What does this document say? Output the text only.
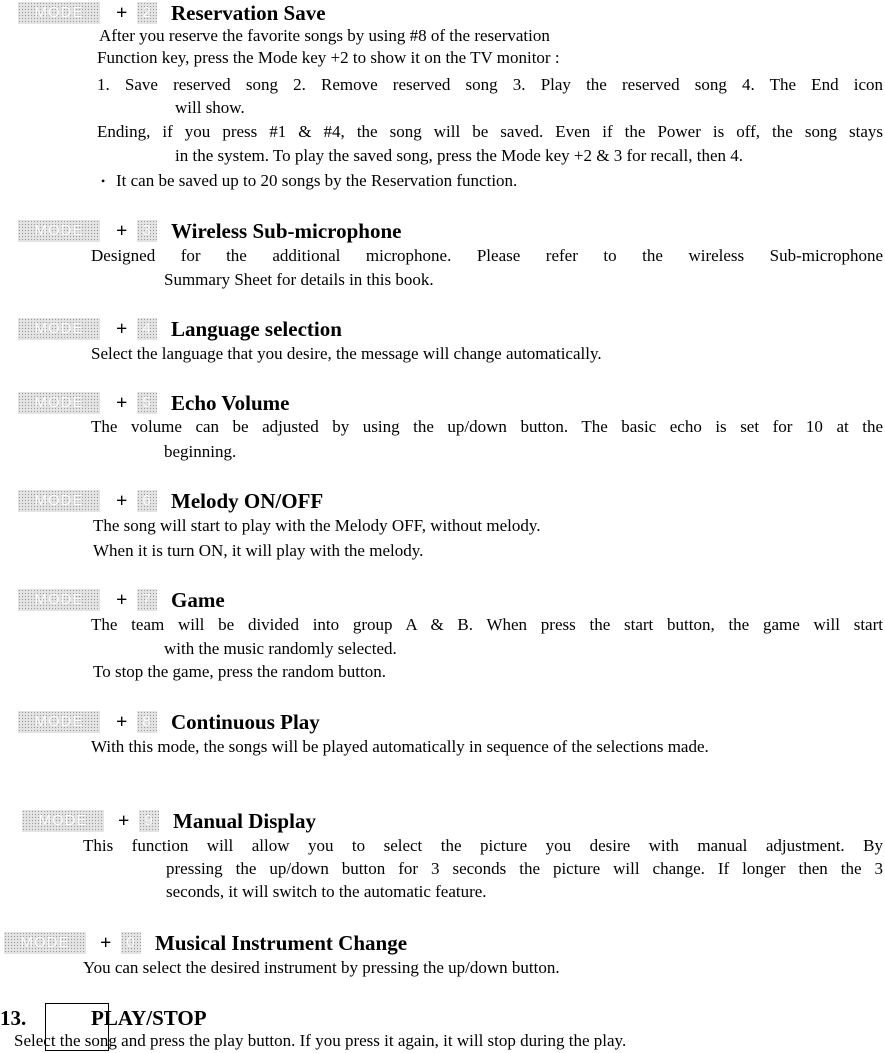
MODE	+ 2 Reservation Save
After you reserve the favorite songs by using #8 of the reservation
Function key, press the Mode key +2 to show it on the TV monitor :
1. Save reserved song 2. Remove reserved song 3. Play the reserved song 4. The End icon
will show.
Ending, if you press #1 & #4, the song will be saved. Even if the Power is off, the song stays
in the system. To play the saved song, press the Mode key +2 & 3 for recall, then 4.
• It can be saved up to 20 songs by the Reservation function.
MODE	+ 3 Wireless Sub-microphone
Designed for the additional microphone. Please refer to the wireless Sub-microphone
Summary Sheet for details in this book.
MODE	+ 4 Language selection
Select the language that you desire, the message will change automatically.
MODE	+ 5 Echo Volume
The volume can be adjusted by using the up/down button. The basic echo is set for 10 at the
beginning.
MODE	+ 6 Melody ON/OFF
The song will start to play with the Melody OFF, without melody.
When it is turn ON, it will play with the melody.
MODE	+ 7 Game
The team will be divided into group A & B. When press the start button, the game will start
with the music randomly selected.
To stop the game, press the random button.
MODE	+ 8 Continuous Play
With this mode, the songs will be played automatically in sequence of the selections made.
MODE	+ 9 Manual Display
This function will allow you to select the picture you desire with manual adjustment. By
pressing the up/down button for 3 seconds the picture will change. If longer then the 3
seconds, it will switch to the automatic feature.
MODE	+ 0 Musical Instrument Change
You can select the desired instrument by pressing the up/down button.
13.	PLAY/STOP
Select the song and press the play button. If you press it again, it will stop during the play.
